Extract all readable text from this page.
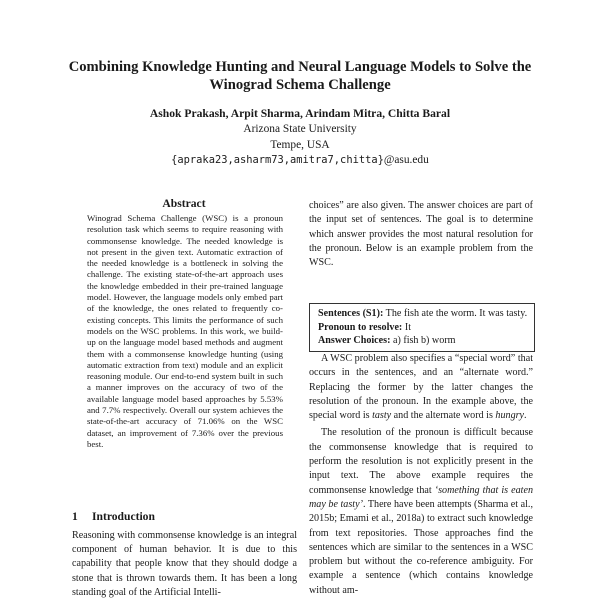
Combining Knowledge Hunting and Neural Language Models to Solve the
Winograd Schema Challenge
Ashok Prakash, Arpit Sharma, Arindam Mitra, Chitta Baral
Arizona State University
Tempe, USA
{apraka23,asharm73,amitra7,chitta}@asu.edu
Abstract
Winograd Schema Challenge (WSC) is a pronoun resolution task which seems to require reasoning with commonsense knowledge. The needed knowledge is not present in the given text. Automatic extraction of the needed knowledge is a bottleneck in solving the challenge. The existing state-of-the-art approach uses the knowledge embedded in their pre-trained language model. However, the language models only embed part of the knowledge, the ones related to frequently co-existing concepts. This limits the performance of such models on the WSC problems. In this work, we build-up on the language model based methods and augment them with a commonsense knowledge hunting (using automatic extraction from text) module and an explicit reasoning module. Our end-to-end system built in such a manner improves on the accuracy of two of the available language model based approaches by 5.53% and 7.7% respectively. Overall our system achieves the state-of-the-art accuracy of 71.06% on the WSC dataset, an improvement of 7.36% over the previous best.
1 Introduction
Reasoning with commonsense knowledge is an integral component of human behavior. It is due to this capability that people know that they should dodge a stone that is thrown towards them. It has been a long standing goal of the Artificial Intelli-

choices” are also given. The answer choices are part of the input set of sentences. The goal is to determine which answer provides the most natural resolution for the pronoun. Below is an example problem from the WSC.

Sentences (S1): The fish ate the worm. It was tasty.
Pronoun to resolve: It
Answer Choices: a) fish b) worm

A WSC problem also specifies a “special word” that occurs in the sentences, and an “alternate word.” Replacing the former by the latter changes the resolution of the pronoun. In the example above, the special word is tasty and the alternate word is hungry.

The resolution of the pronoun is difficult because the commonsense knowledge that is required to perform the resolution is not explicitly present in the input text. The above example requires the commonsense knowledge that ‘something that is eaten may be tasty’. There have been attempts (Sharma et al., 2015b; Emami et al., 2018a) to extract such knowledge from text repositories. Those approaches find the sentences which are similar to the sentences in a WSC problem but without the co-reference ambiguity. For example a sentence (which contains knowledge without am-
